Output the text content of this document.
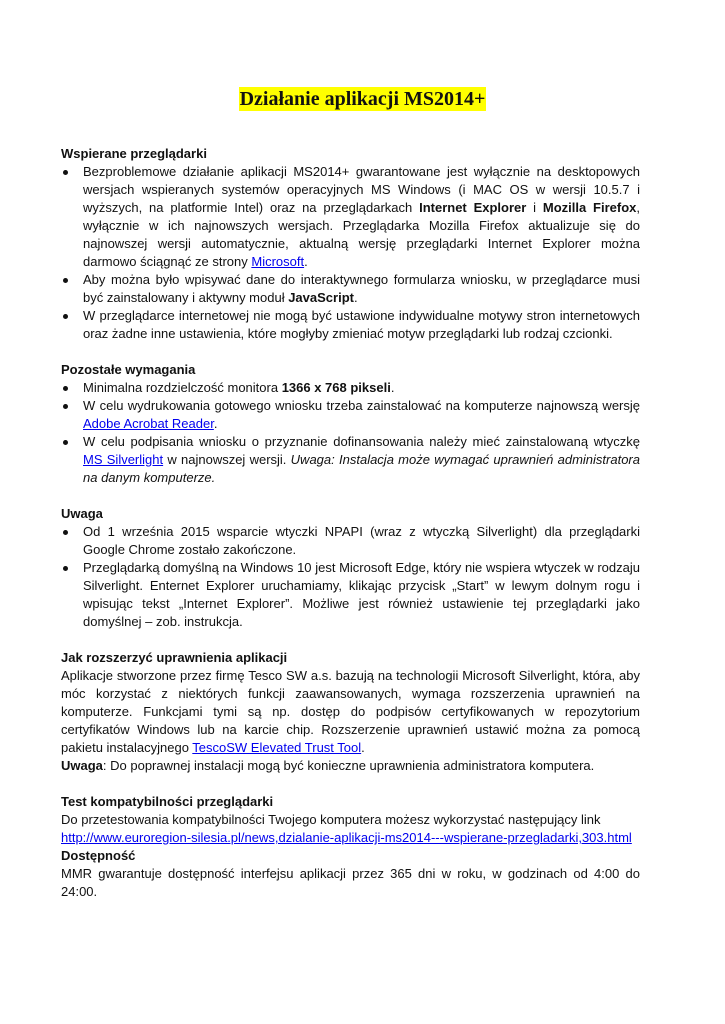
Działanie aplikacji MS2014+
Wspierane przeglądarki
Bezproblemowe działanie aplikacji MS2014+ gwarantowane jest wyłącznie na desktopowych wersjach wspieranych systemów operacyjnych MS Windows (i MAC OS w wersji 10.5.7 i wyższych, na platformie Intel) oraz na przeglądarkach Internet Explorer i Mozilla Firefox, wyłącznie w ich najnowszych wersjach. Przeglądarka Mozilla Firefox aktualizuje się do najnowszej wersji automatycznie, aktualną wersję przeglądarki Internet Explorer można darmowo ściągnąć ze strony Microsoft.
Aby można było wpisywać dane do interaktywnego formularza wniosku, w przeglądarce musi być zainstalowany i aktywny moduł JavaScript.
W przeglądarce internetowej nie mogą być ustawione indywidualne motywy stron internetowych oraz żadne inne ustawienia, które mogłyby zmieniać motyw przeglądarki lub rodzaj czcionki.
Pozostałe wymagania
Minimalna rozdzielczość monitora 1366 x 768 pikseli.
W celu wydrukowania gotowego wniosku trzeba zainstalować na komputerze najnowszą wersję Adobe Acrobat Reader.
W celu podpisania wniosku o przyznanie dofinansowania należy mieć zainstalowaną wtyczkę MS Silverlight w najnowszej wersji. Uwaga: Instalacja może wymagać uprawnień administratora na danym komputerze.
Uwaga
Od 1 września 2015 wsparcie wtyczki NPAPI (wraz z wtyczką Silverlight) dla przeglądarki Google Chrome zostało zakończone.
Przeglądarką domyślną na Windows 10 jest Microsoft Edge, który nie wspiera wtyczek w rodzaju Silverlight. Enternet Explorer uruchamiamy, klikając przycisk „Start” w lewym dolnym rogu i wpisując tekst „Internet Explorer”. Możliwe jest również ustawienie tej przeglądarki jako domyślnej – zob. instrukcja.
Jak rozszerzyć uprawnienia aplikacji

Aplikacje stworzone przez firmę Tesco SW a.s. bazują na technologii Microsoft Silverlight, która, aby móc korzystać z niektórych funkcji zaawansowanych, wymaga rozszerzenia uprawnień na komputerze. Funkcjami tymi są np. dostęp do podpisów certyfikowanych w repozytorium certyfikatów Windows lub na karcie chip. Rozszerzenie uprawnień ustawić można za pomocą pakietu instalacyjnego TescoSW Elevated Trust Tool.

Uwaga: Do poprawnej instalacji mogą być konieczne uprawnienia administratora komputera.

Test kompatybilności przeglądarki

Do przetestowania kompatybilności Twojego komputera możesz wykorzystać następujący link

http://www.euroregion-silesia.pl/news,dzialanie-aplikacji-ms2014---wspierane-przegladarki,303.html

Dostępność

MMR gwarantuje dostępność interfejsu aplikacji przez 365 dni w roku, w godzinach od 4:00 do 24:00.
